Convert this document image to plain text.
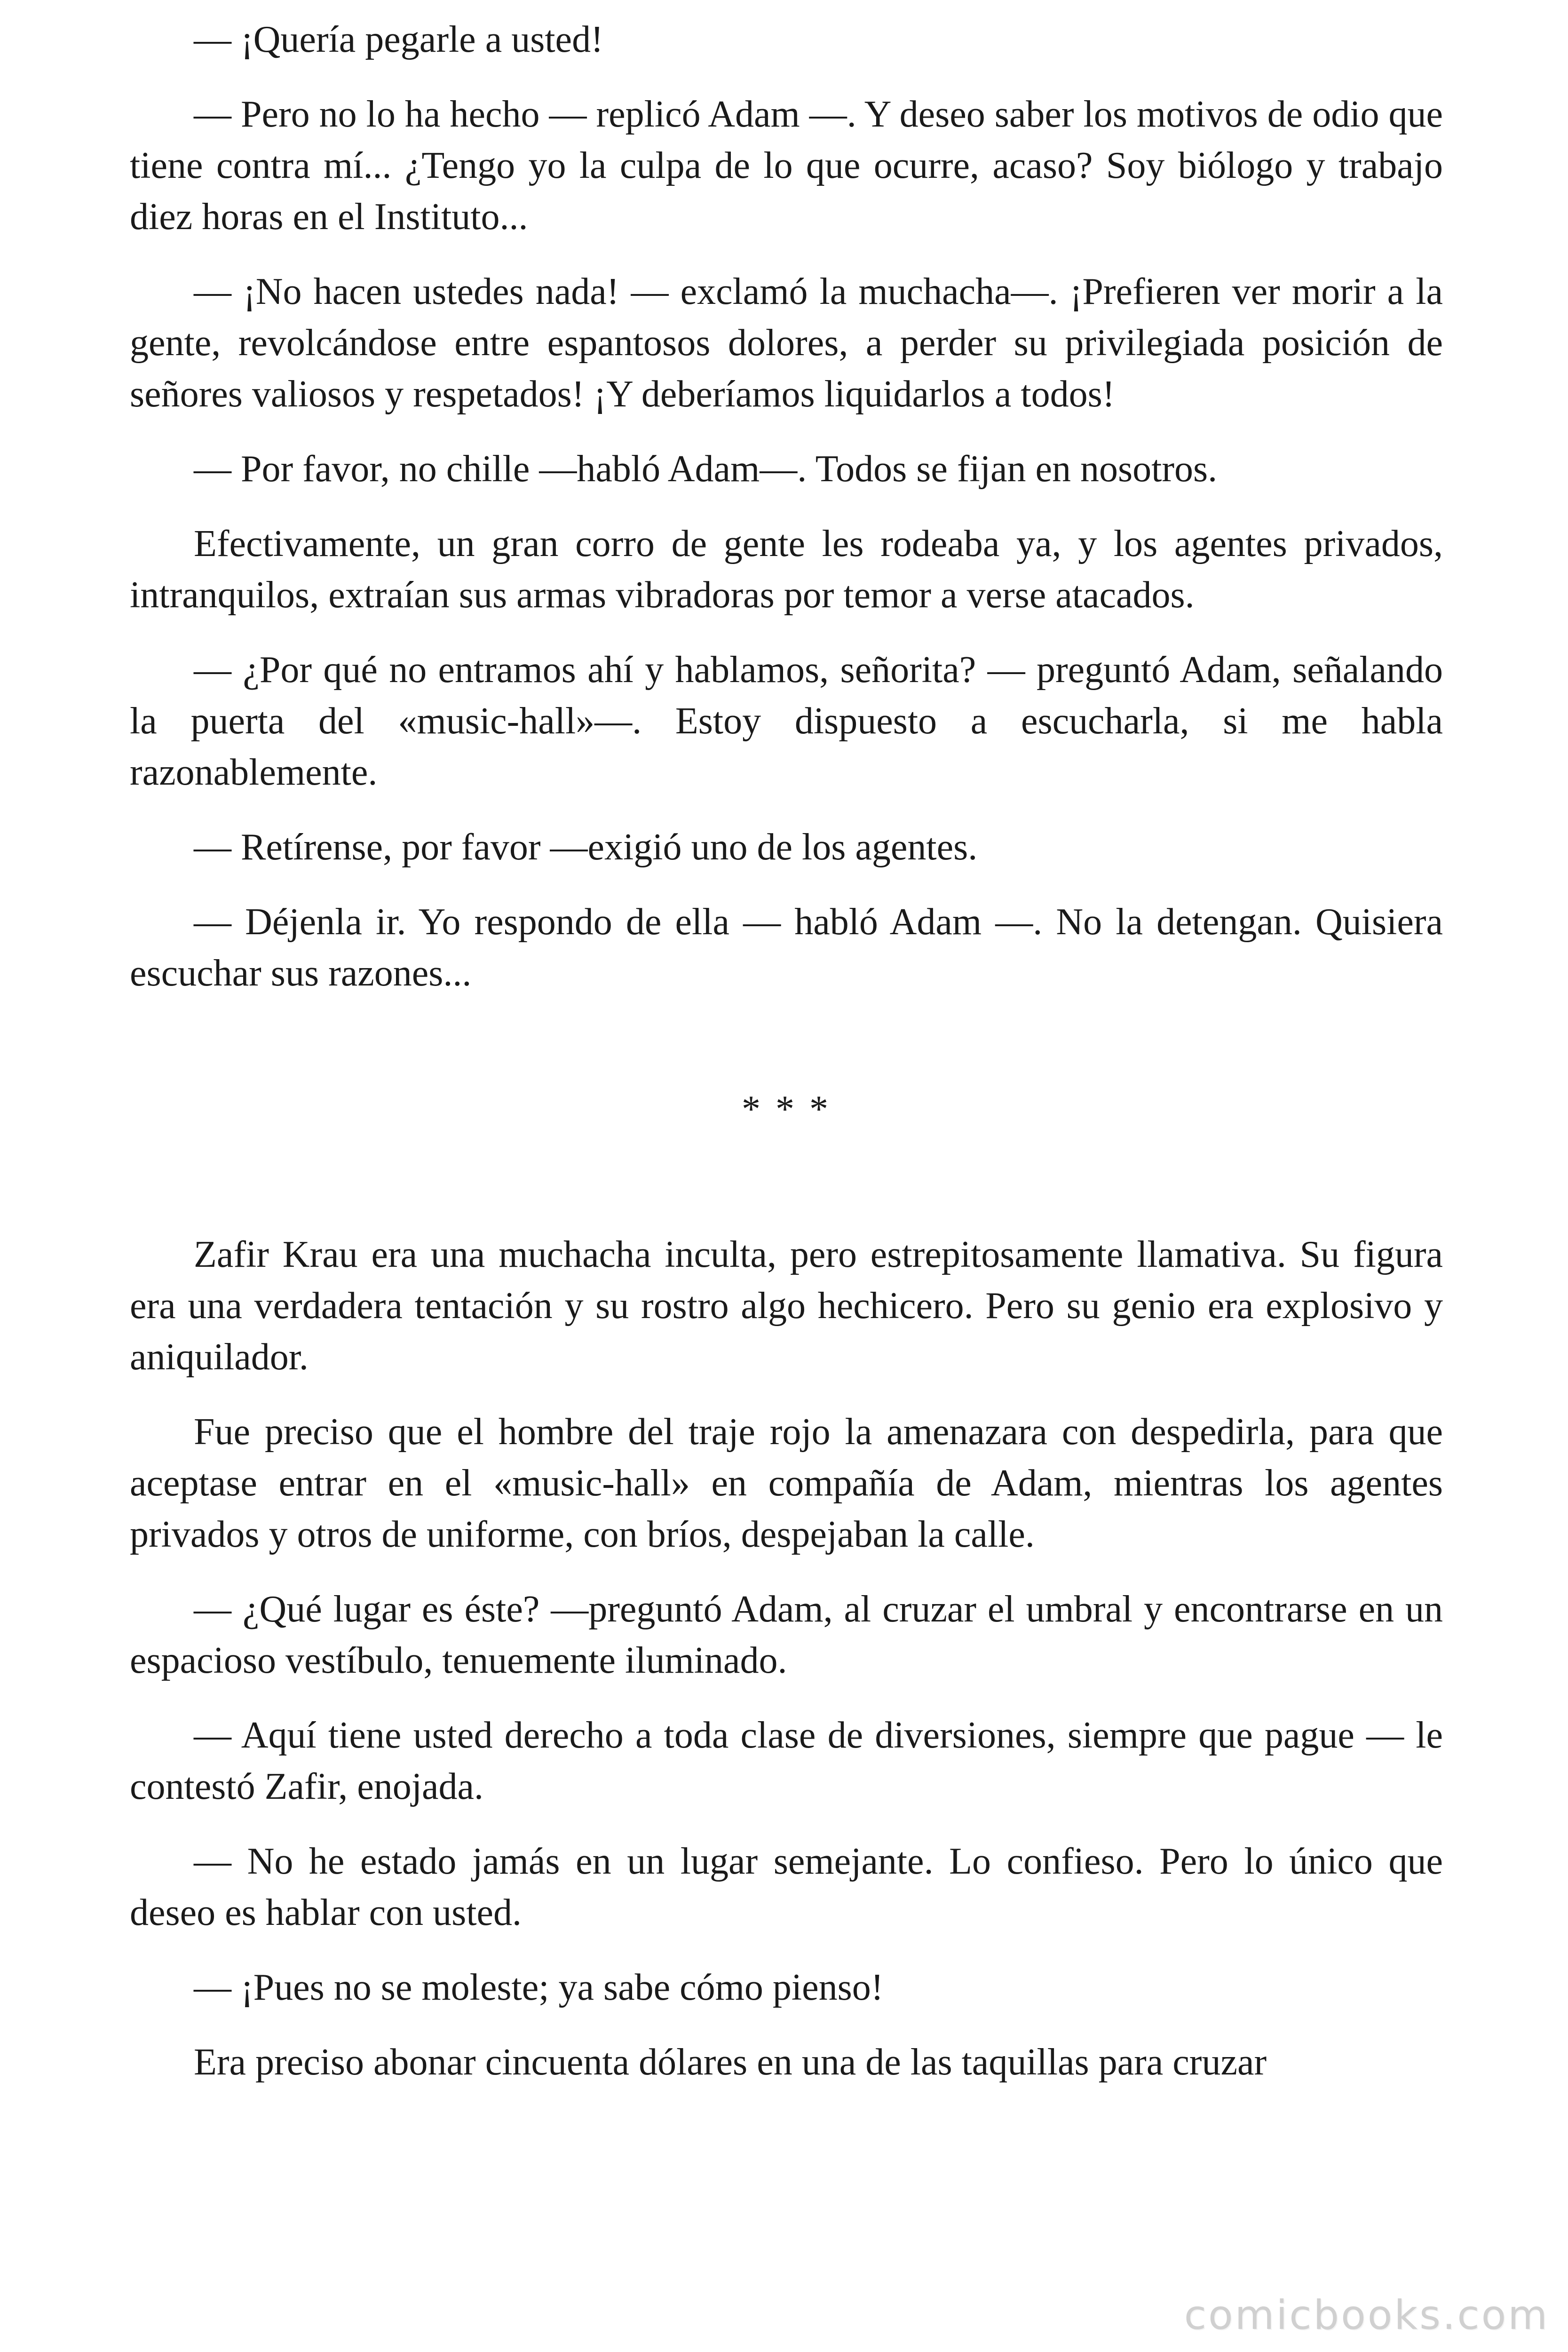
— ¡Quería pegarle a usted!

— Pero no lo ha hecho — replicó Adam —. Y deseo saber los motivos de odio que tiene contra mí... ¿Tengo yo la culpa de lo que ocurre, acaso? Soy biólogo y trabajo diez horas en el Instituto...

— ¡No hacen ustedes nada! — exclamó la muchacha—. ¡Prefieren ver morir a la gente, revolcándose entre espantosos dolores, a perder su privilegiada posición de señores valiosos y respetados! ¡Y deberíamos liquidarlos a todos!

— Por favor, no chille —habló Adam—. Todos se fijan en nosotros.

Efectivamente, un gran corro de gente les rodeaba ya, y los agentes privados, intranquilos, extraían sus armas vibradoras por temor a verse atacados.

— ¿Por qué no entramos ahí y hablamos, señorita? — preguntó Adam, señalando la puerta del «music-hall»—. Estoy dispuesto a escucharla, si me habla razonablemente.

— Retírense, por favor —exigió uno de los agentes.

— Déjenla ir. Yo respondo de ella — habló Adam —. No la detengan. Quisiera escuchar sus razones...

* * *

Zafir Krau era una muchacha inculta, pero estrepitosamente llamativa. Su figura era una verdadera tentación y su rostro algo hechicero. Pero su genio era explosivo y aniquilador.

Fue preciso que el hombre del traje rojo la amenazara con despedirla, para que aceptase entrar en el «music-hall» en compañía de Adam, mientras los agentes privados y otros de uniforme, con bríos, despejaban la calle.

— ¿Qué lugar es éste? —preguntó Adam, al cruzar el umbral y encontrarse en un espacioso vestíbulo, tenuemente iluminado.

— Aquí tiene usted derecho a toda clase de diversiones, siempre que pague — le contestó Zafir, enojada.

— No he estado jamás en un lugar semejante. Lo confieso. Pero lo único que deseo es hablar con usted.

— ¡Pues no se moleste; ya sabe cómo pienso!

Era preciso abonar cincuenta dólares en una de las taquillas para cruzar

comicbooks.com
